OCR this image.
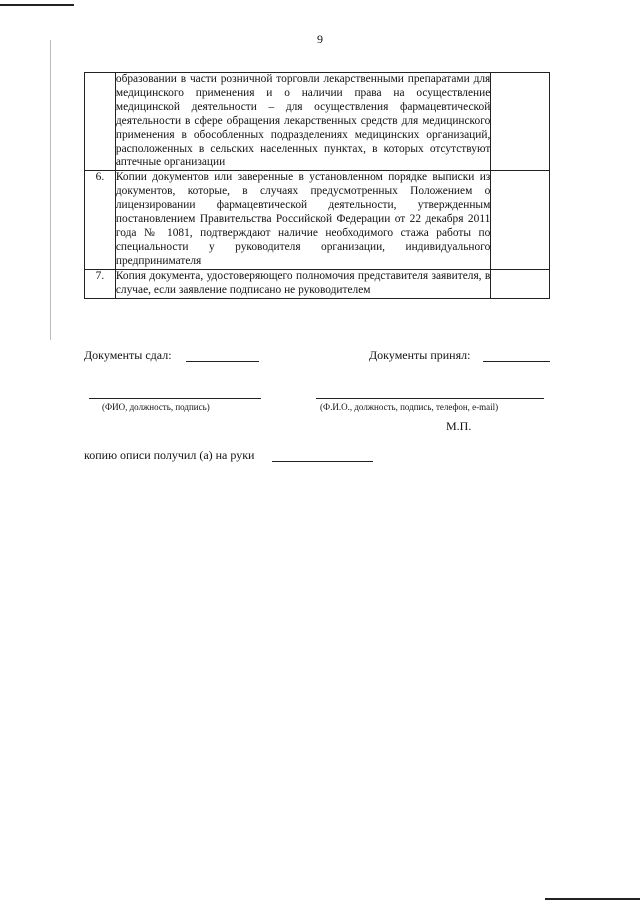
9
	образовании в части розничной торговли лекарственными препаратами для медицинского применения и о наличии права на осуществление медицинской деятельности – для осуществления фармацевтической деятельности в сфере обращения лекарственных средств для медицинского применения в обособленных подразделениях медицинских организаций, расположенных в сельских населенных пунктах, в которых отсутствуют аптечные организации	
6.	Копии документов или заверенные в установленном порядке выписки из документов, которые, в случаях предусмотренных Положением о лицензировании фармацевтической деятельности, утвержденным постановлением Правительства Российской Федерации от 22 декабря 2011 года № 1081, подтверждают наличие необходимого стажа работы по специальности у руководителя организации, индивидуального предпринимателя	
7.	Копия документа, удостоверяющего полномочия представителя заявителя, в случае, если заявление подписано не руководителем	
Документы сдал:	Документы принял:
(ФИО, должность, подпись)	(Ф.И.О., должность, подпись, телефон, e-mail)
М.П.
копию описи получил (а) на руки
